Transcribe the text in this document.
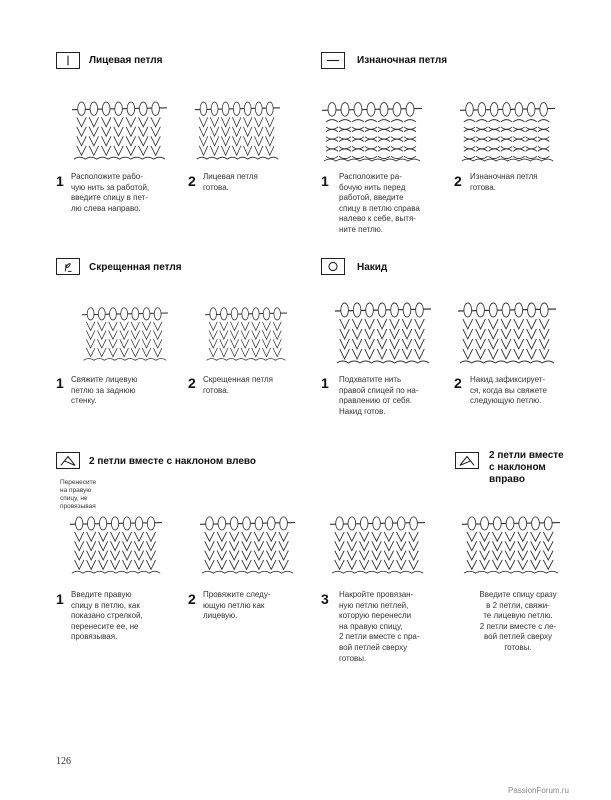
Лицевая петля
1 Расположите рабо-
чую нить за работой,
введите спицу в пет-
лю слева направо.
2 Лицевая петля
готова.
Изнаночная петля
1 Расположите ра-
бочую нить перед
работой, введите
спицу в петлю справа
налево к себе, вытя-
ните петлю.
2 Изнаночная петля
готова.
Скрещенная петля
1 Свяжите лицевую
петлю за заднюю
стенку.
2 Скрещенная петля
готова.
Накид
1 Подхватите нить
правой спицей по на-
правлению от себя.
Накид готов.
2 Накид зафиксирует-
ся, когда вы свяжете
следующую петлю.
2 петли вместе с наклоном влево
Перенесите
на правую
спицу, не
провязывая
1 Введите правую
спицу в петлю, как
показано стрелкой,
перенесите ее, не
провязывая.
2 Провяжите следу-
ющую петлю как
лицевую.
3 Накройте провязан-
ную петлю петлей,
которую перенесли
на правую спицу,
2 петли вместе с пра-
вой петлей сверху
готовы.
2 петли вместе
с наклоном
вправо
Введите спицу сразу
в 2 петли, свяжи-
те лицевую петлю.
2 петли вместе с ле-
вой петлей сверху
готовы.
126
PassionForum.ru
